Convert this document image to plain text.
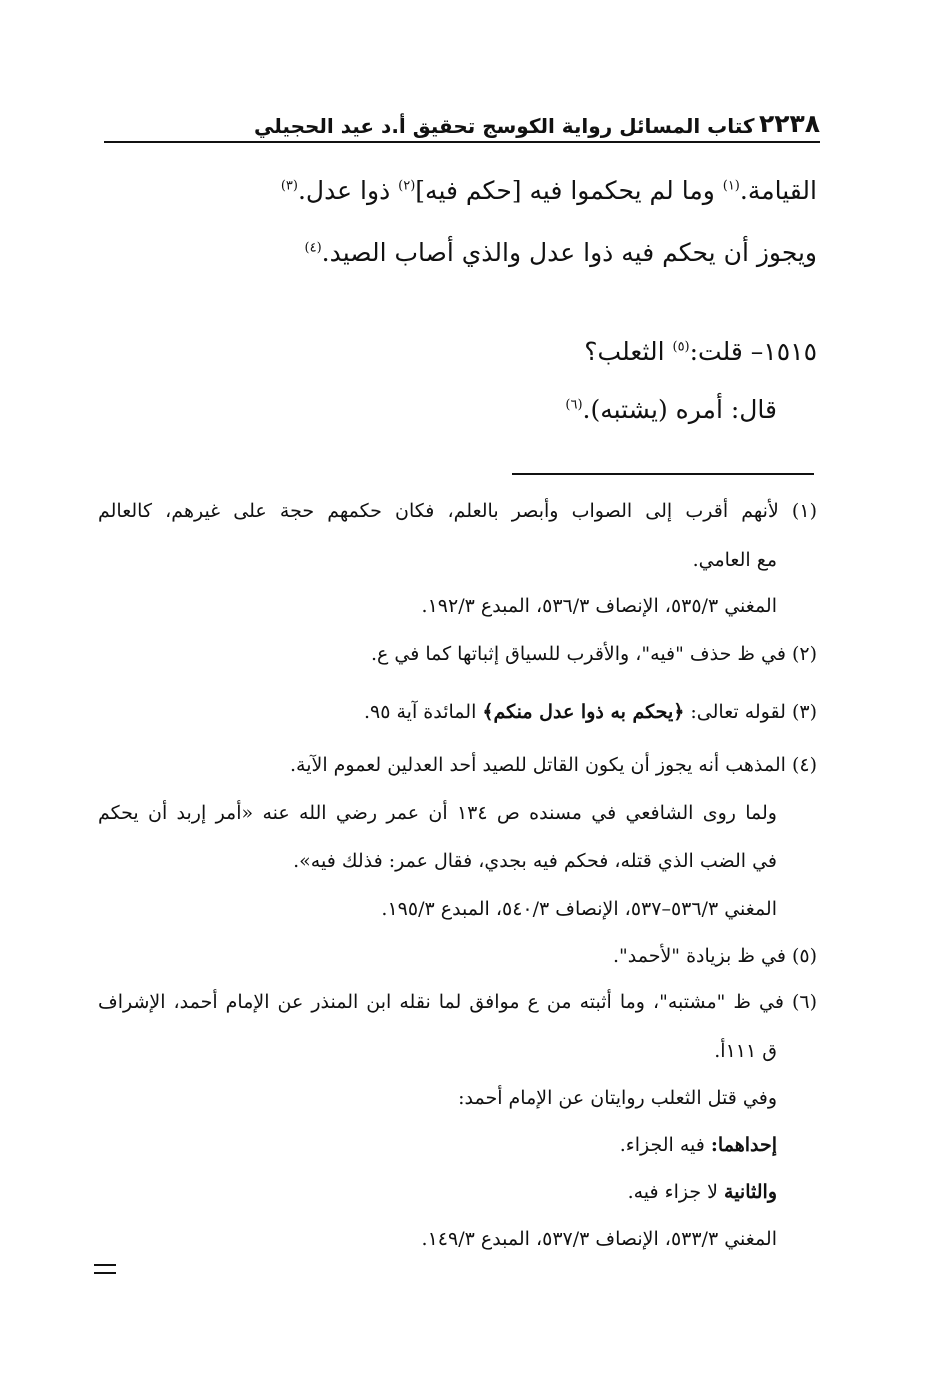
٢٢٣٨
كتاب المسائل رواية الكوسج تحقيق أ.د عيد الحجيلي
القيامة.$^{(١)}$ وما لم يحكموا فيه [حكم فيه]$^{(٢)}$ ذوا عدل.$^{(٣)}$
ويجوز أن يحكم فيه ذوا عدل والذي أصاب الصيد.$^{(٤)}$
١٥١٥– قلت:$^{(٥)}$ الثعلب؟
قال: أمره (يشتبه).$^{(٦)}$
(١) لأنهم أقرب إلى الصواب وأبصر بالعلم، فكان حكمهم حجة على غيرهم، كالعالم
مع العامي.
المغني ٥٣٥/٣، الإنصاف ٥٣٦/٣، المبدع ١٩٢/٣.
(٢) في ظ حذف "فيه"، والأقرب للسياق إثباتها كما في ع.
(٣) لقوله تعالى: ﴿يحكم به ذوا عدل منكم﴾ المائدة آية ٩٥.
(٤) المذهب أنه يجوز أن يكون القاتل للصيد أحد العدلين لعموم الآية.
ولما روى الشافعي في مسنده ص ١٣٤ أن عمر رضي الله عنه «أمر إربد أن يحكم
في الضب الذي قتله، فحكم فيه بجدي، فقال عمر: فذلك فيه».
المغني ٥٣٦/٣–٥٣٧، الإنصاف ٥٤٠/٣، المبدع ١٩٥/٣.
(٥) في ظ بزيادة "لأحمد".
(٦) في ظ "مشتبه"، وما أثبته من ع موافق لما نقله ابن المنذر عن الإمام أحمد، الإشراف
ق ١١١أ.
وفي قتل الثعلب روايتان عن الإمام أحمد:
إحداهما: فيه الجزاء.
والثانية لا جزاء فيه.
المغني ٥٣٣/٣، الإنصاف ٥٣٧/٣، المبدع ١٤٩/٣.
